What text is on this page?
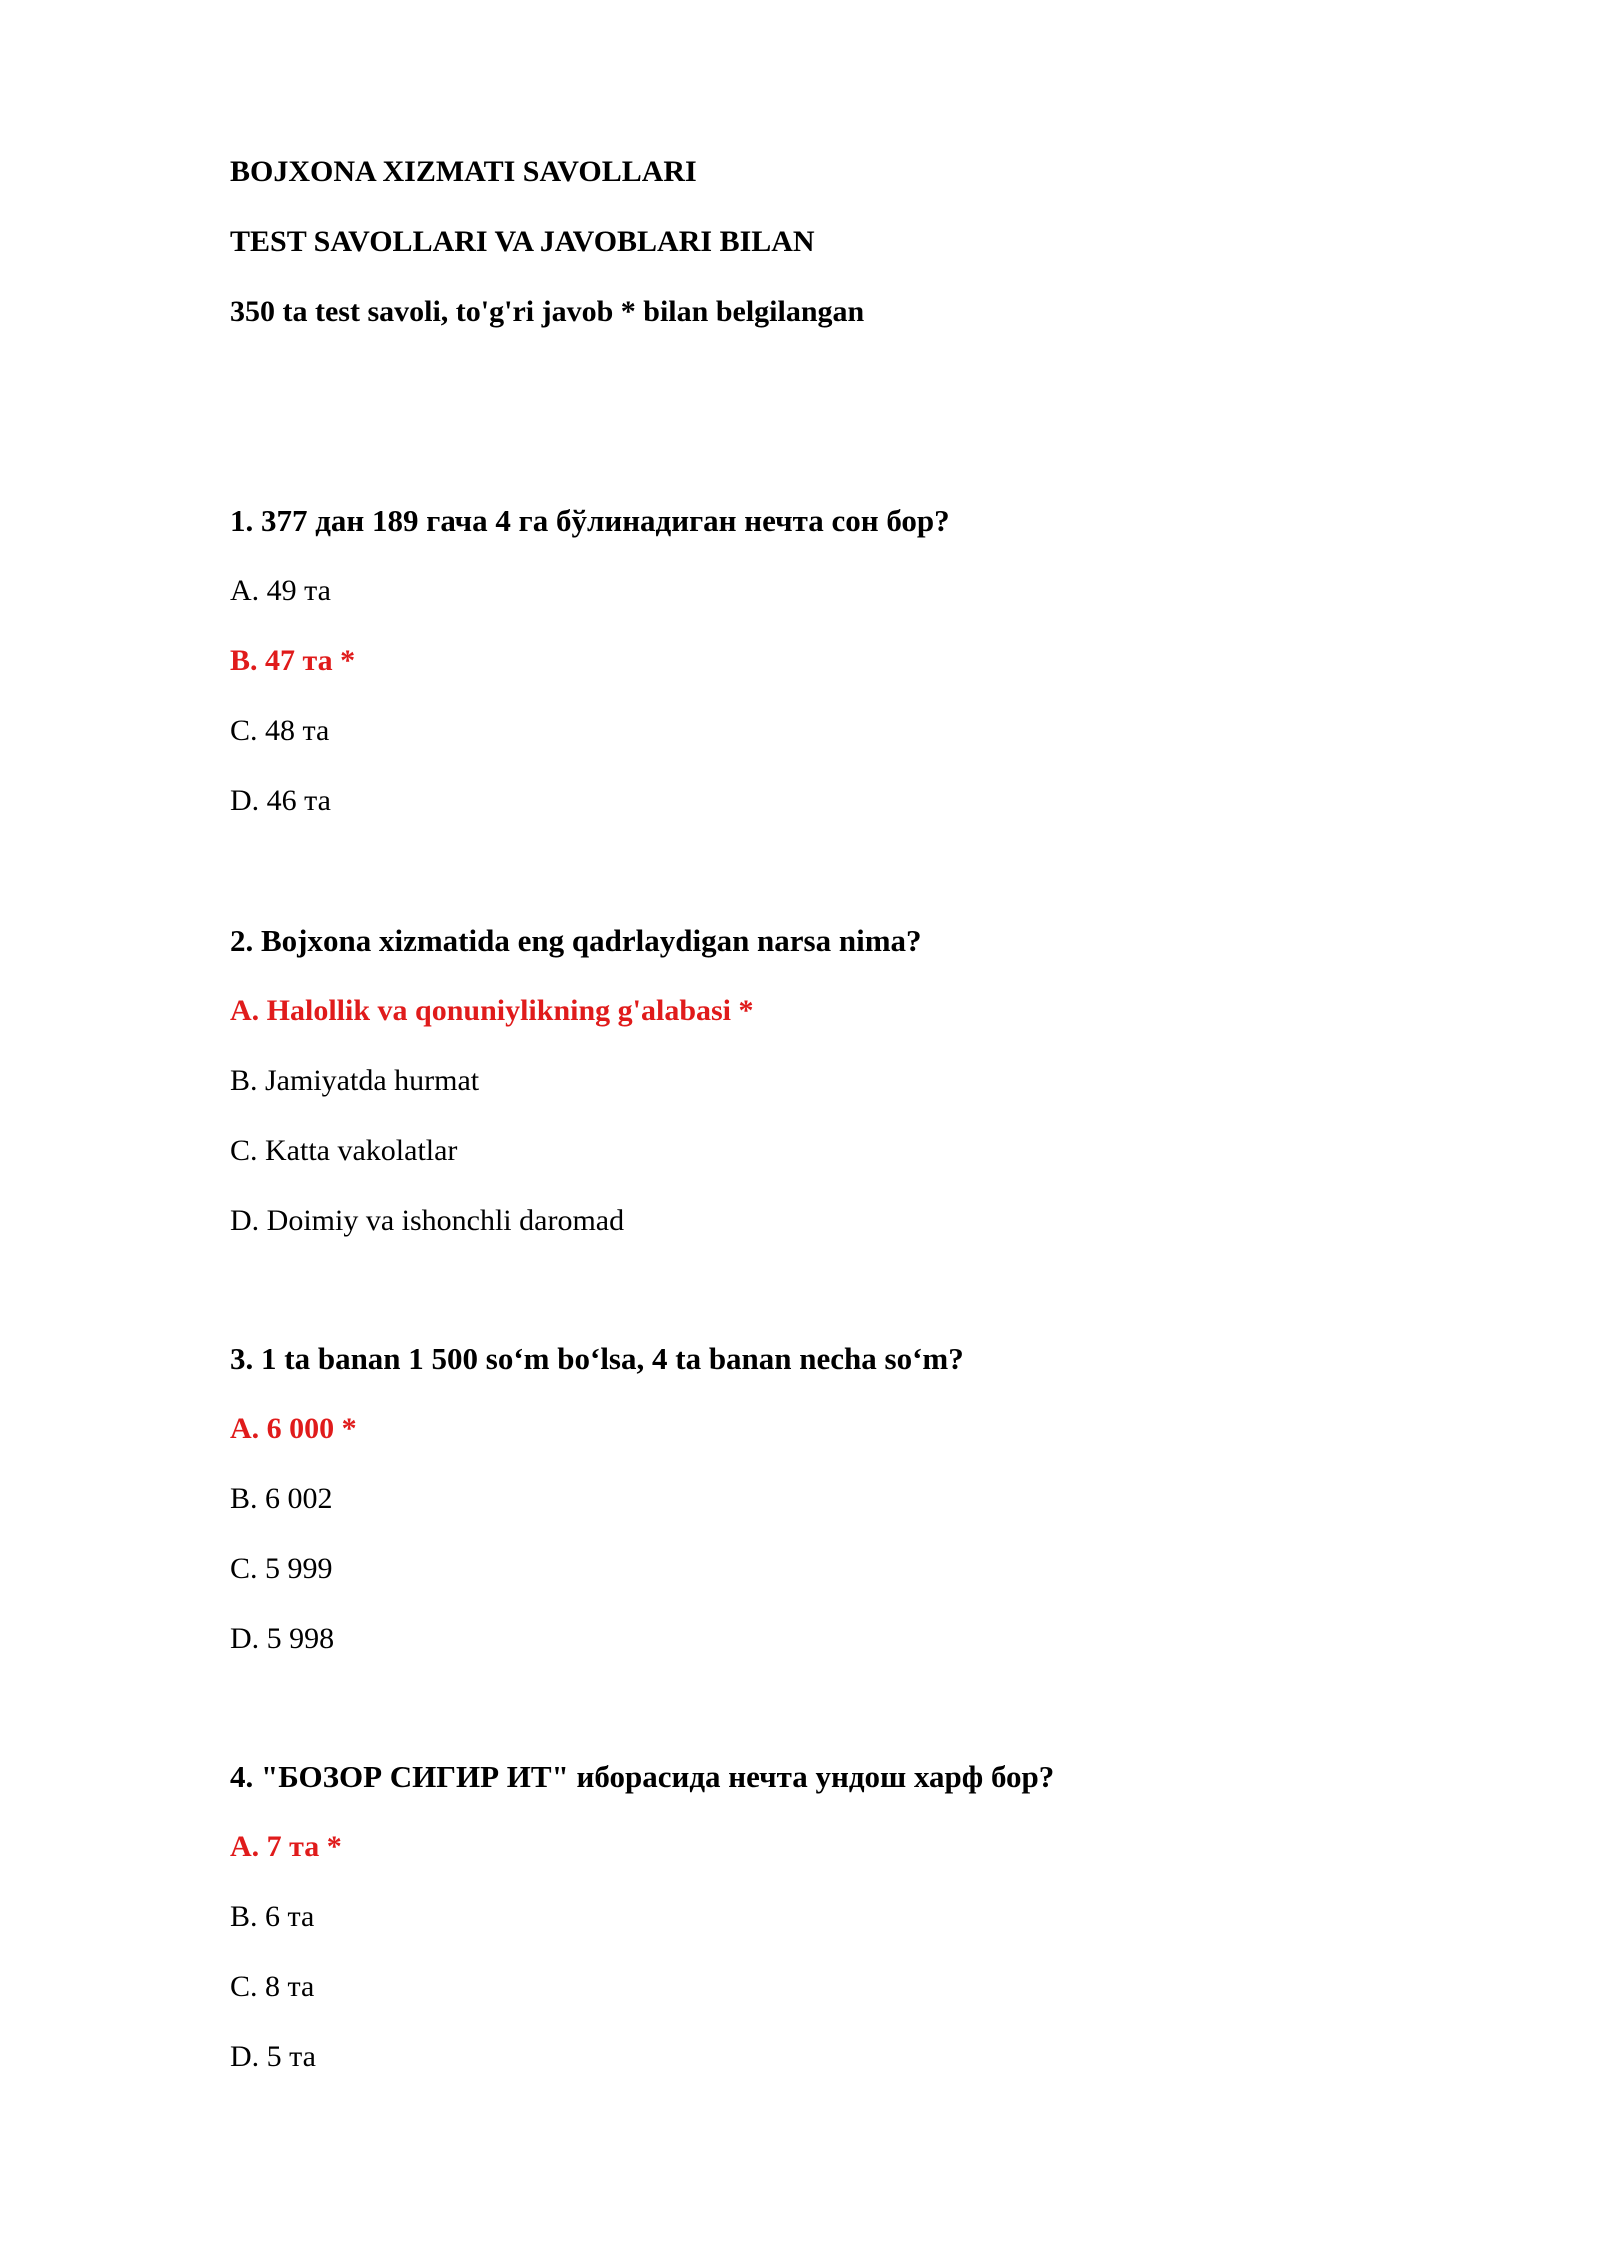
BOJXONA XIZMATI SAVOLLARI
TEST SAVOLLARI VA JAVOBLARI BILAN
350 ta test savoli, to'g'ri javob * bilan belgilangan
1. 377 дан 189 гача 4 га бўлинадиган нечта сон бор?
A. 49 та
B. 47 та *
C. 48 та
D. 46 та
2. Bojxona xizmatida eng qadrlaydigan narsa nima?
A. Halollik va qonuniylikning g'alabasi *
B. Jamiyatda hurmat
C. Katta vakolatlar
D. Doimiy va ishonchli daromad
3. 1 ta banan 1 500 so‘m bo‘lsa, 4 ta banan necha so‘m?
A. 6 000 *
B. 6 002
C. 5 999
D. 5 998
4. "БОЗОР СИГИР ИТ" иборасида нечта ундош харф бор?
A. 7 та *
B. 6 та
C. 8 та
D. 5 та
